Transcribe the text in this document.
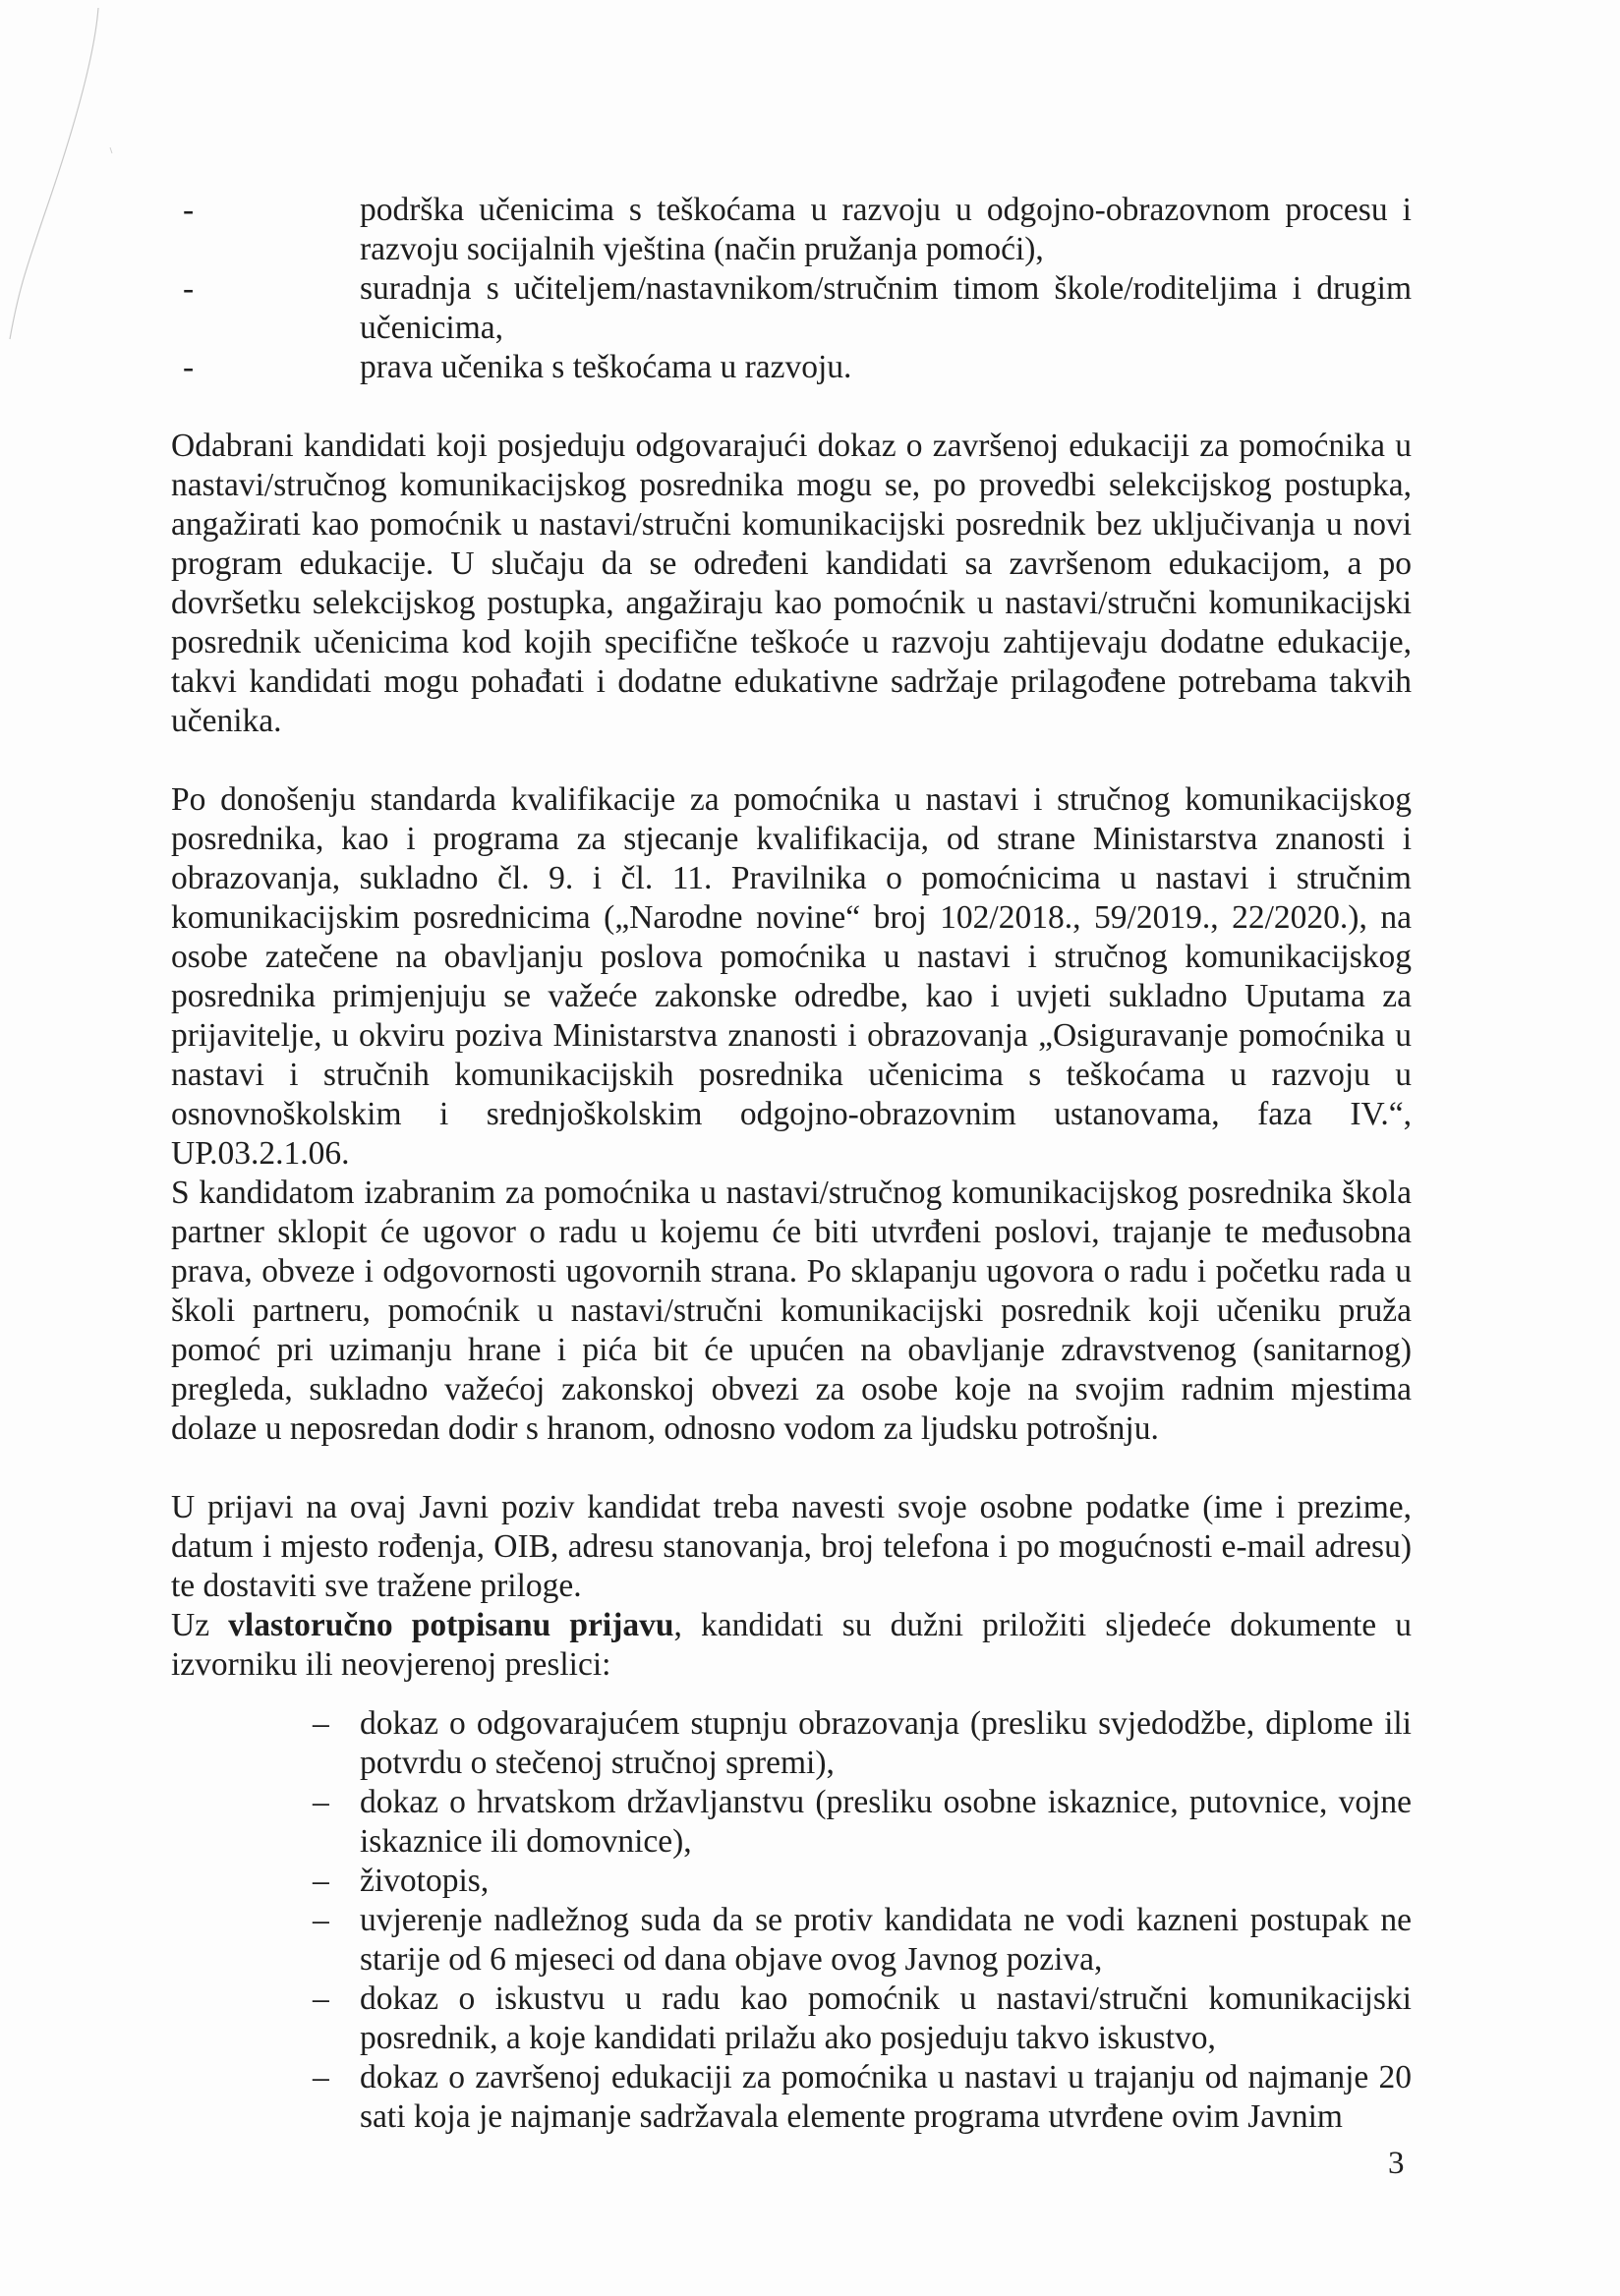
-	podrška učenicima s teškoćama u razvoju u odgojno-obrazovnom procesu i razvoju socijalnih vještina (način pružanja pomoći),
-	suradnja s učiteljem/nastavnikom/stručnim timom škole/roditeljima i drugim učenicima,
-	prava učenika s teškoćama u razvoju.

Odabrani kandidati koji posjeduju odgovarajući dokaz o završenoj edukaciji za pomoćnika u nastavi/stručnog komunikacijskog posrednika mogu se, po provedbi selekcijskog postupka, angažirati kao pomoćnik u nastavi/stručni komunikacijski posrednik bez uključivanja u novi program edukacije. U slučaju da se određeni kandidati sa završenom edukacijom, a po dovršetku selekcijskog postupka, angažiraju kao pomoćnik u nastavi/stručni komunikacijski posrednik učenicima kod kojih specifične teškoće u razvoju zahtijevaju dodatne edukacije, takvi kandidati mogu pohađati i dodatne edukativne sadržaje prilagođene potrebama takvih učenika.

Po donošenju standarda kvalifikacije za pomoćnika u nastavi i stručnog komunikacijskog posrednika, kao i programa za stjecanje kvalifikacija, od strane Ministarstva znanosti i obrazovanja, sukladno čl. 9. i čl. 11. Pravilnika o pomoćnicima u nastavi i stručnim komunikacijskim posrednicima („Narodne novine“ broj 102/2018., 59/2019., 22/2020.), na osobe zatečene na obavljanju poslova pomoćnika u nastavi i stručnog komunikacijskog posrednika primjenjuju se važeće zakonske odredbe, kao i uvjeti sukladno Uputama za prijavitelje, u okviru poziva Ministarstva znanosti i obrazovanja „Osiguravanje pomoćnika u nastavi i stručnih komunikacijskih posrednika učenicima s teškoćama u razvoju u osnovnoškolskim i srednjoškolskim odgojno-obrazovnim ustanovama, faza IV.“, UP.03.2.1.06.

S kandidatom izabranim za pomoćnika u nastavi/stručnog komunikacijskog posrednika škola partner sklopit će ugovor o radu u kojemu će biti utvrđeni poslovi, trajanje te međusobna prava, obveze i odgovornosti ugovornih strana. Po sklapanju ugovora o radu i početku rada u školi partneru, pomoćnik u nastavi/stručni komunikacijski posrednik koji učeniku pruža pomoć pri uzimanju hrane i pića bit će upućen na obavljanje zdravstvenog (sanitarnog) pregleda, sukladno važećoj zakonskoj obvezi za osobe koje na svojim radnim mjestima dolaze u neposredan dodir s hranom, odnosno vodom za ljudsku potrošnju.

U prijavi na ovaj Javni poziv kandidat treba navesti svoje osobne podatke (ime i prezime, datum i mjesto rođenja, OIB, adresu stanovanja, broj telefona i po mogućnosti e-mail adresu) te dostaviti sve tražene priloge.

Uz vlastoručno potpisanu prijavu, kandidati su dužni priložiti sljedeće dokumente u izvorniku ili neovjerenoj preslici:

– dokaz o odgovarajućem stupnju obrazovanja (presliku svjedodžbe, diplome ili potvrdu o stečenoj stručnoj spremi),
– dokaz o hrvatskom državljanstvu (presliku osobne iskaznice, putovnice, vojne iskaznice ili domovnice),
– životopis,
– uvjerenje nadležnog suda da se protiv kandidata ne vodi kazneni postupak ne starije od 6 mjeseci od dana objave ovog Javnog poziva,
– dokaz o iskustvu u radu kao pomoćnik u nastavi/stručni komunikacijski posrednik, a koje kandidati prilažu ako posjeduju takvo iskustvo,
– dokaz o završenoj edukaciji za pomoćnika u nastavi u trajanju od najmanje 20 sati koja je najmanje sadržavala elemente programa utvrđene ovim Javnim
3
